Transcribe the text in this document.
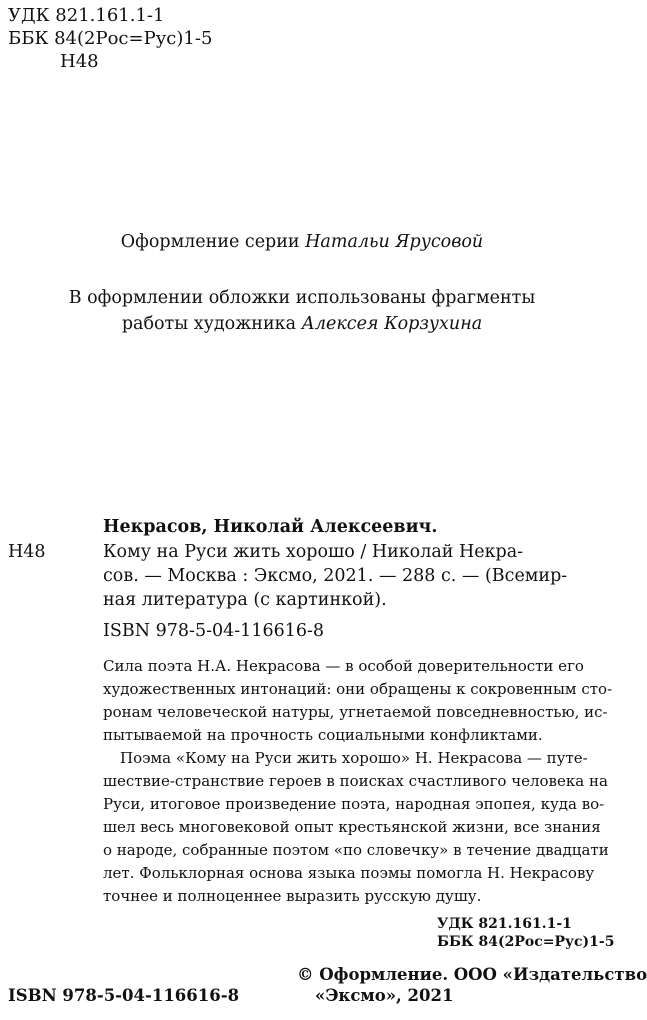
УДК 821.161.1-1
ББК 84(2Рос=Рус)1-5
Н48
Оформление серии Натальи Ярусовой
В оформлении обложки использованы фрагменты
работы художника Алексея Корзухина
Некрасов, Николай Алексеевич.
Н48	Кому на Руси жить хорошо / Николай Некра-
сов. — Москва : Эксмо, 2021. — 288 с. — (Всемир-
ная литература (с картинкой).
ISBN 978-5-04-116616-8
Сила поэта Н.А. Некрасова — в особой доверительности его
художественных интонаций: они обращены к сокровенным сто-
ронам человеческой натуры, угнетаемой повседневностью, ис-
пытываемой на прочность социальными конфликтами.
Поэма «Кому на Руси жить хорошо» Н. Некрасова — путе-
шествие-странствие героев в поисках счастливого человека на
Руси, итоговое произведение поэта, народная эпопея, куда во-
шел весь многовековой опыт крестьянской жизни, все знания
о народе, собранные поэтом «по словечку» в течение двадцати
лет. Фольклорная основа языка поэмы помогла Н. Некрасову
точнее и полноценнее выразить русскую душу.
УДК 821.161.1-1
ББК 84(2Рос=Рус)1-5
ISBN 978-5-04-116616-8
© Оформление. ООО «Издательство
«Эксмо», 2021
